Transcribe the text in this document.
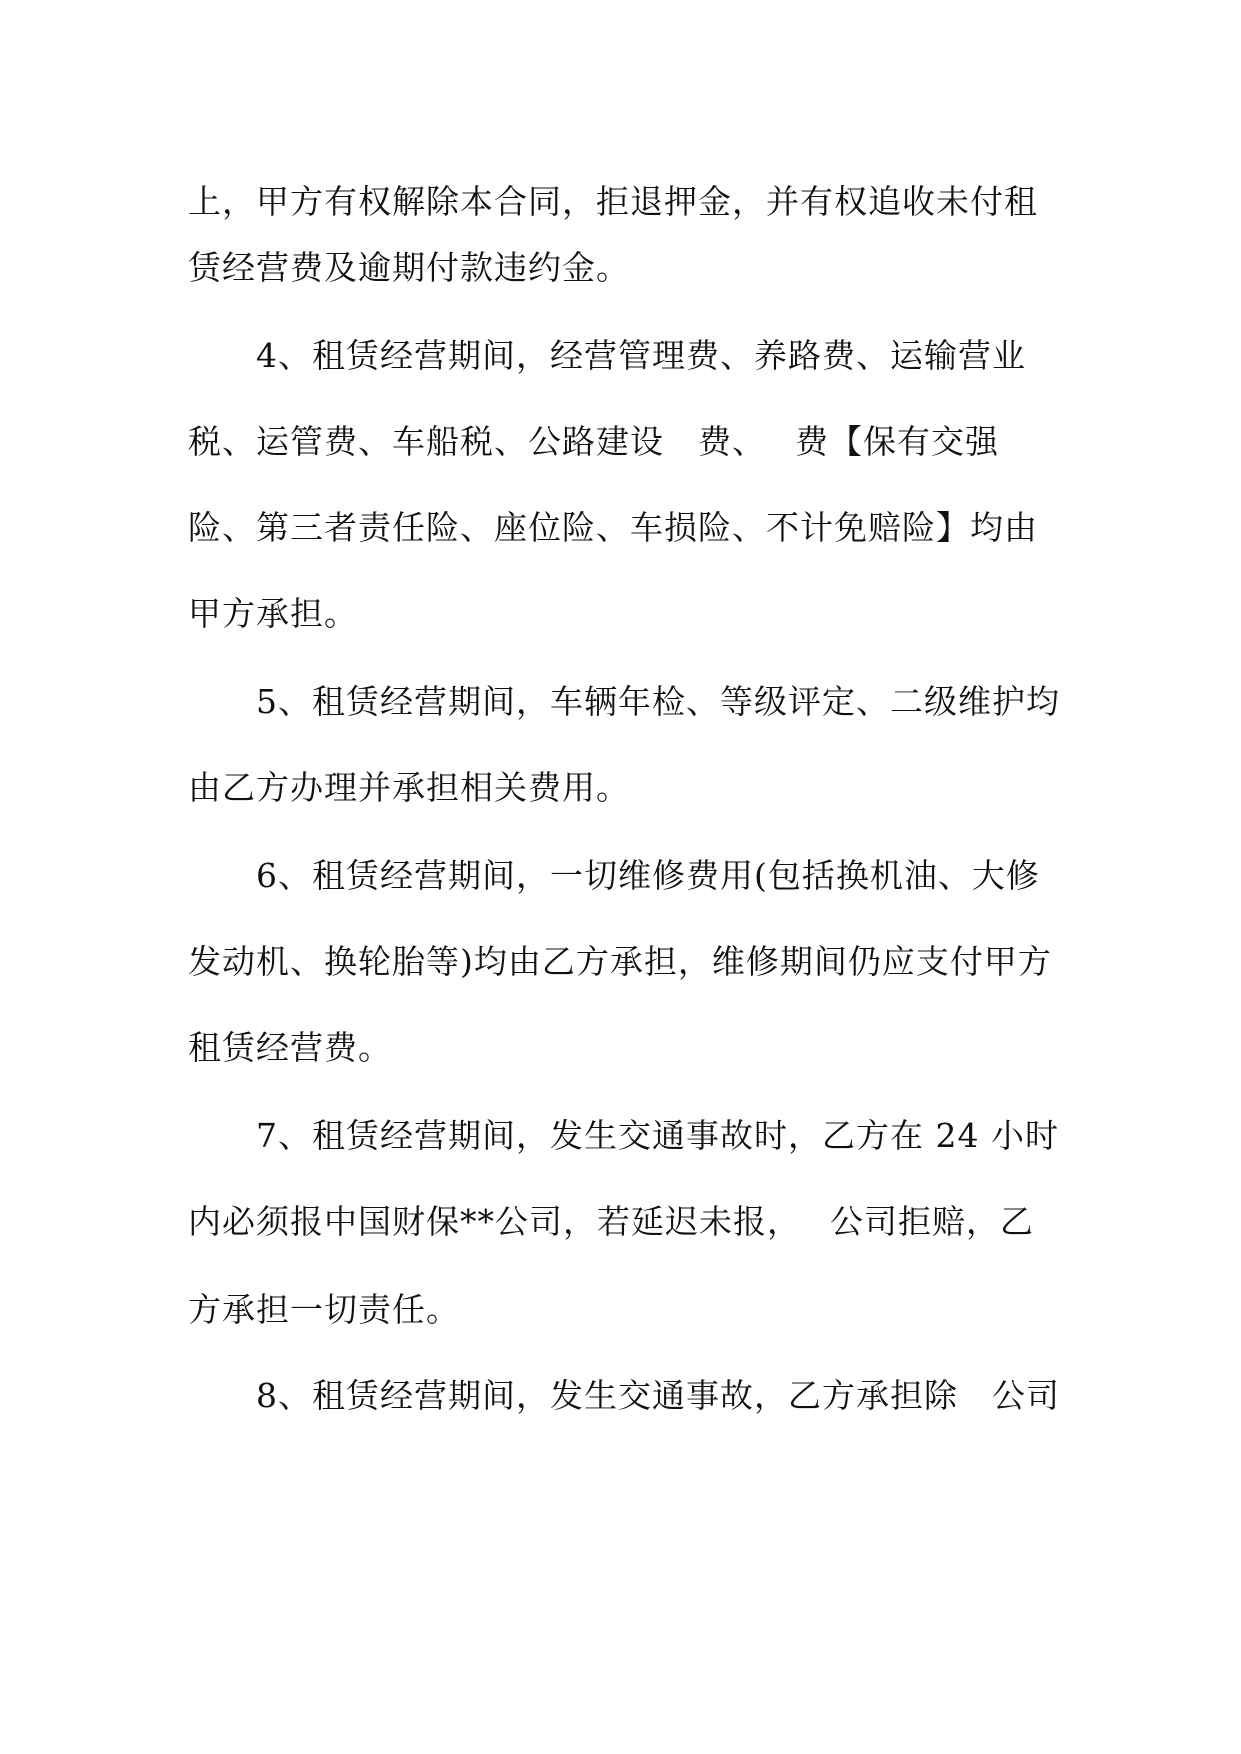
上，甲方有权解除本合同，拒退押金，并有权追收未付租
赁经营费及逾期付款违约金。
　　4、租赁经营期间，经营管理费、养路费、运输营业
税、运管费、车船税、公路建设　费、　 费【保有交强
险、第三者责任险、座位险、车损险、不计免赔险】均由
甲方承担。
　　5、租赁经营期间，车辆年检、等级评定、二级维护均
由乙方办理并承担相关费用。
　　6、租赁经营期间，一切维修费用(包括换机油、大修
发动机、换轮胎等)均由乙方承担，维修期间仍应支付甲方
租赁经营费。
　　7、租赁经营期间，发生交通事故时，乙方在 24 小时
内必须报中国财保**公司，若延迟未报，　 公司拒赔，乙
方承担一切责任。
　　8、租赁经营期间，发生交通事故，乙方承担除　公司
